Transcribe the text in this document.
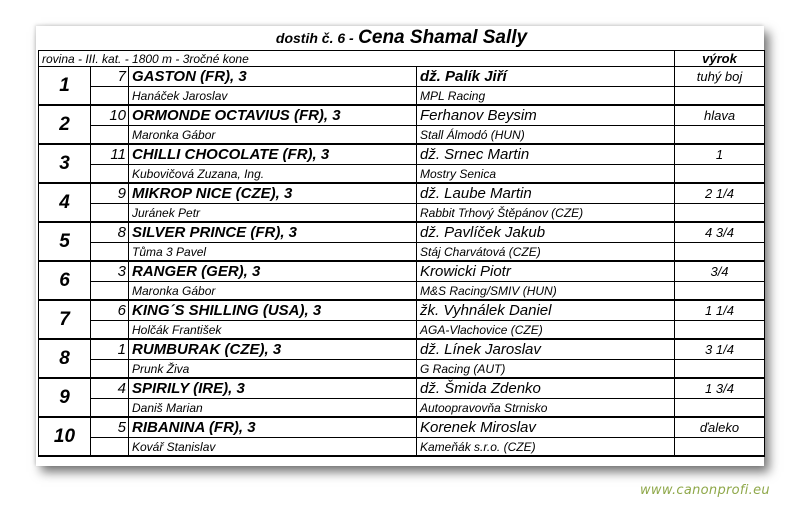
dostih č. 6 - Cena Shamal Sally				
rovina - III. kat. - 1800 m - 3ročné kone				výrok
1	7	GASTON (FR), 3	dž. Palík Jiří	tuhý boj
		Hanáček Jaroslav	MPL Racing	
2	10	ORMONDE OCTAVIUS (FR), 3	Ferhanov Beysim	hlava
		Maronka Gábor	Stall Álmodó (HUN)	
3	11	CHILLI CHOCOLATE (FR), 3	dž. Srnec Martin	1
		Kubovičová Zuzana, Ing.	Mostry Senica	
4	9	MIKROP NICE (CZE), 3	dž. Laube Martin	2 1/4
		Juránek Petr	Rabbit Trhový Štěpánov (CZE)	
5	8	SILVER PRINCE (FR), 3	dž. Pavlíček Jakub	4 3/4
		Tůma 3 Pavel	Stáj Charvátová (CZE)	
6	3	RANGER (GER), 3	Krowicki Piotr	3/4
		Maronka Gábor	M&S Racing/SMIV (HUN)	
7	6	KING´S SHILLING (USA), 3	žk. Vyhnálek Daniel	1 1/4
		Holčák František	AGA-Vlachovice (CZE)	
8	1	RUMBURAK (CZE), 3	dž. Línek Jaroslav	3 1/4
		Prunk Živa	G Racing (AUT)	
9	4	SPIRILY (IRE), 3	dž. Šmida Zdenko	1 3/4
		Daniš Marian	Autoopravovňa Strnisko	
10	5	RIBANINA (FR), 3	Korenek Miroslav	ďaleko
		Kovář Stanislav	Kameňák s.r.o. (CZE)	
www.canonprofi.eu
